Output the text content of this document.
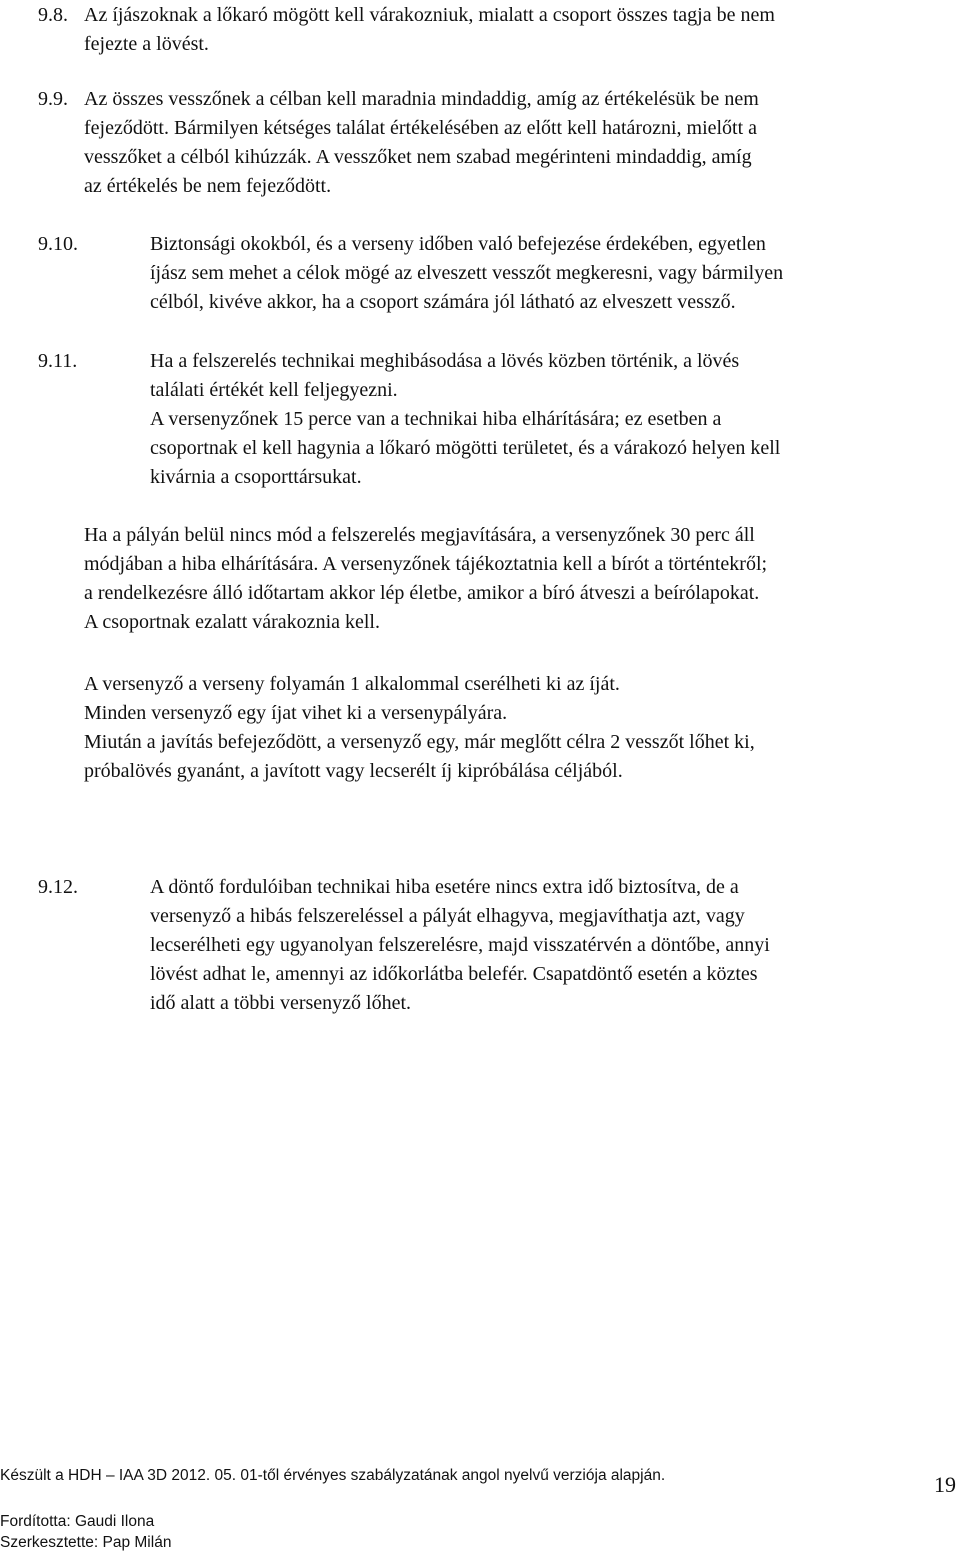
9.8. Az íjászoknak a lőkaró mögött kell várakozniuk, mialatt a csoport összes tagja be nem
fejezte a lövést.
9.9. Az összes vesszőnek a célban kell maradnia mindaddig, amíg az értékelésük be nem
fejeződött. Bármilyen kétséges találat értékelésében az előtt kell határozni, mielőtt a
vesszőket a célból kihúzzák. A vesszőket nem szabad megérinteni mindaddig, amíg
az értékelés be nem fejeződött.
9.10.	Biztonsági okokból, és a verseny időben való befejezése érdekében, egyetlen
íjász sem mehet a célok mögé az elveszett vesszőt megkeresni, vagy bármilyen
célból, kivéve akkor, ha a csoport számára jól látható az elveszett vessző.
9.11.	Ha a felszerelés technikai meghibásodása a lövés közben történik, a lövés
találati értékét kell feljegyezni.
A versenyzőnek 15 perce van a technikai hiba elhárítására; ez esetben a
csoportnak el kell hagynia a lőkaró mögötti területet, és a várakozó helyen kell
kivárnia a csoporttársukat.
Ha a pályán belül nincs mód a felszerelés megjavítására, a versenyzőnek 30 perc áll
módjában a hiba elhárítására. A versenyzőnek tájékoztatnia kell a bírót a történtekről;
a rendelkezésre álló időtartam akkor lép életbe, amikor a bíró átveszi a beírólapokat.
A csoportnak ezalatt várakoznia kell.
A versenyző a verseny folyamán 1 alkalommal cserélheti ki az íját.
Minden versenyző egy íjat vihet ki a versenypályára.
Miután a javítás befejeződött, a versenyző egy, már meglőtt célra 2 vesszőt lőhet ki,
próbalövés gyanánt, a javított vagy lecserélt íj kipróbálása céljából.
9.12.	A döntő fordulóiban technikai hiba esetére nincs extra idő biztosítva, de a
versenyző a hibás felszereléssel a pályát elhagyva, megjavíthatja azt, vagy
lecserélheti egy ugyanolyan felszerelésre, majd visszatérvén a döntőbe, annyi
lövést adhat le, amennyi az időkorlátba belefér. Csapatdöntő esetén a köztes
idő alatt a többi versenyző lőhet.
Készült a HDH – IAA 3D 2012. 05. 01-től érvényes szabályzatának angol nyelvű verziója alapján.	19
Fordította: Gaudi Ilona
Szerkesztette: Pap Milán
